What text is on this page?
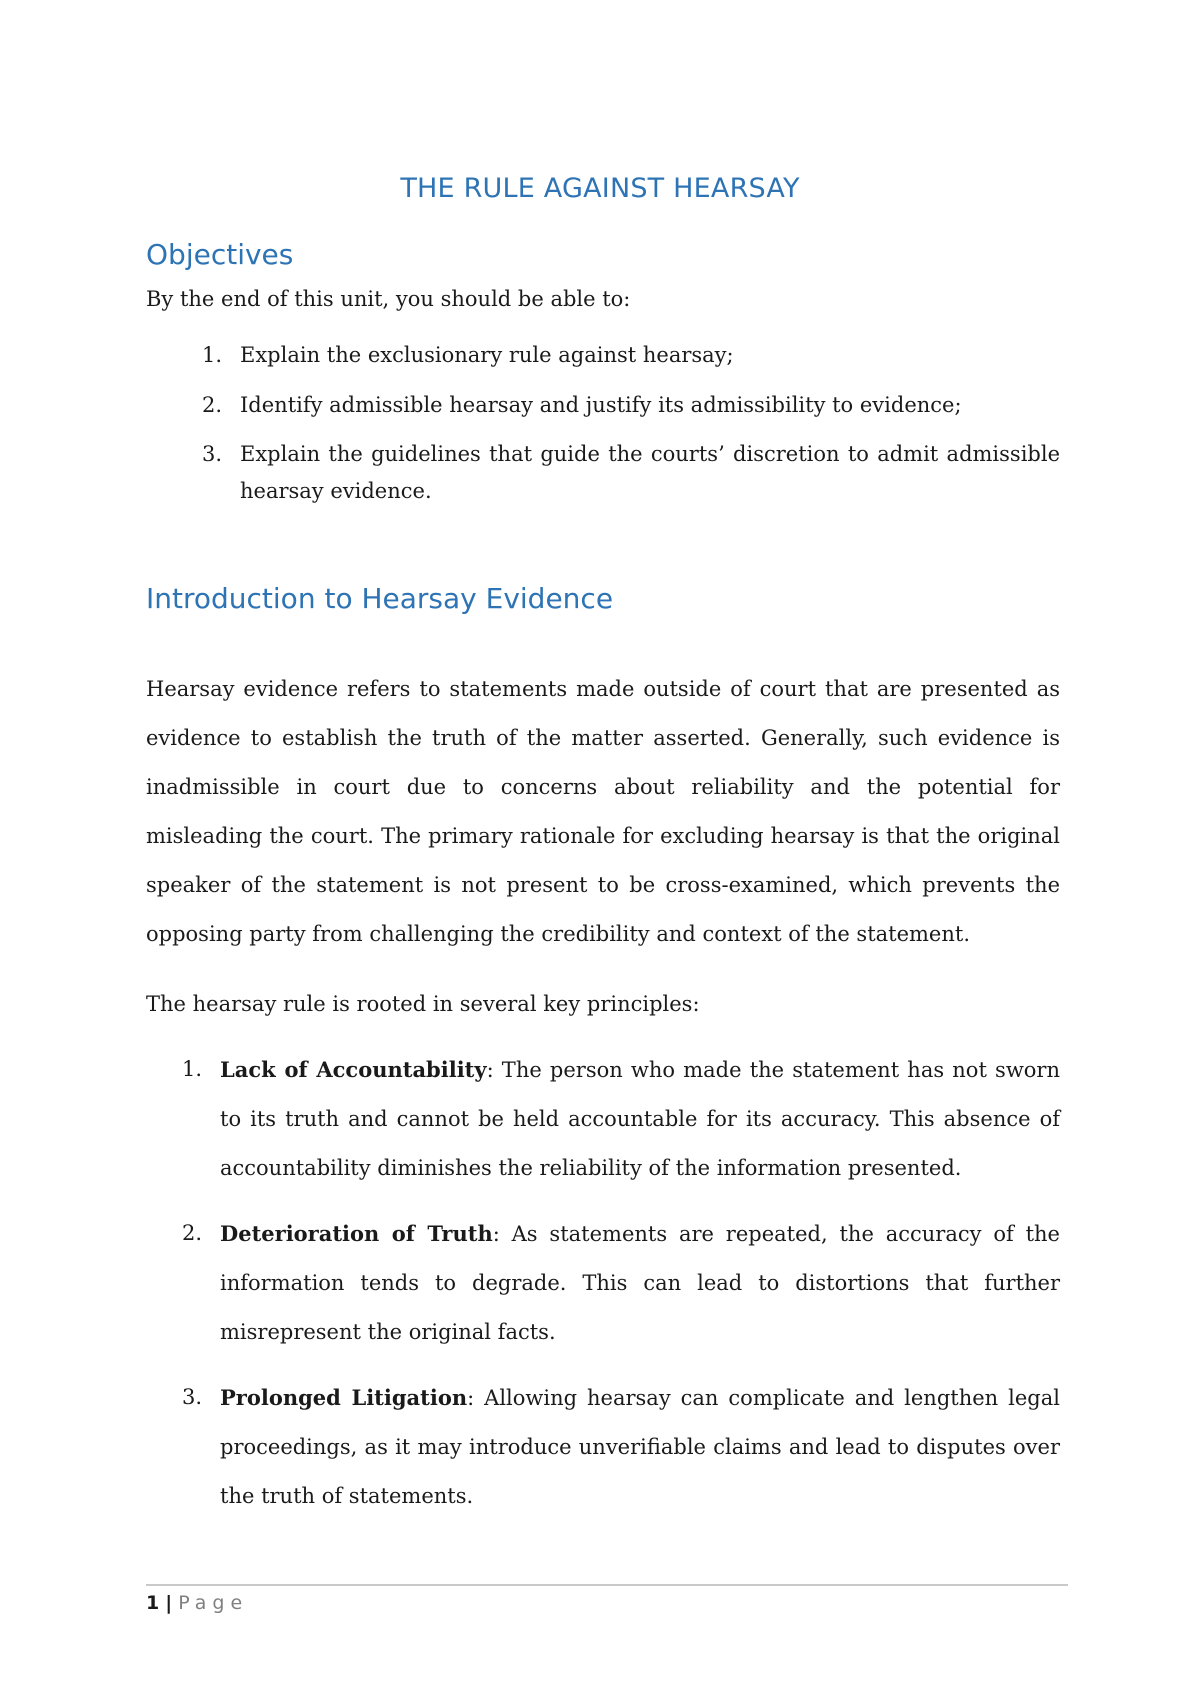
THE RULE AGAINST HEARSAY
Objectives

By the end of this unit, you should be able to:

1. Explain the exclusionary rule against hearsay;
2. Identify admissible hearsay and justify its admissibility to evidence;
3. Explain the guidelines that guide the courts’ discretion to admit admissible hearsay evidence.
Introduction to Hearsay Evidence

Hearsay evidence refers to statements made outside of court that are presented as evidence to establish the truth of the matter asserted. Generally, such evidence is inadmissible in court due to concerns about reliability and the potential for misleading the court. The primary rationale for excluding hearsay is that the original speaker of the statement is not present to be cross-examined, which prevents the opposing party from challenging the credibility and context of the statement.

The hearsay rule is rooted in several key principles:

1. Lack of Accountability: The person who made the statement has not sworn to its truth and cannot be held accountable for its accuracy. This absence of accountability diminishes the reliability of the information presented.
2. Deterioration of Truth: As statements are repeated, the accuracy of the information tends to degrade. This can lead to distortions that further misrepresent the original facts.
3. Prolonged Litigation: Allowing hearsay can complicate and lengthen legal proceedings, as it may introduce unverifiable claims and lead to disputes over the truth of statements.
1 | Page
